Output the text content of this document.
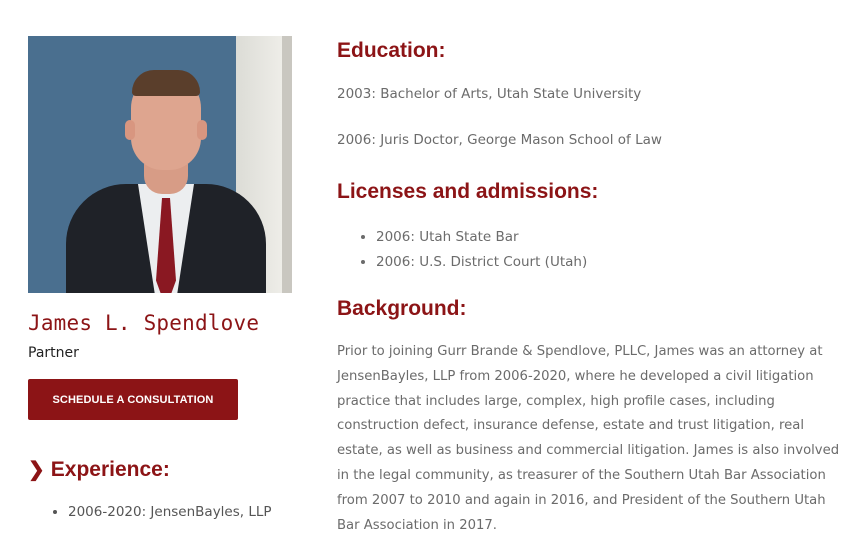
James L. Spendlove

Partner

SCHEDULE A CONSULTATION
❯ Experience:
• 2006-2020: JensenBayles, LLP
Education:

2003: Bachelor of Arts, Utah State University

2006: Juris Doctor, George Mason School of Law

Licenses and admissions:
• 2006: Utah State Bar
• 2006: U.S. District Court (Utah)
Background:

Prior to joining Gurr Brande & Spendlove, PLLC, James was an attorney at JensenBayles, LLP from 2006-2020, where he developed a civil litigation practice that includes large, complex, high profile cases, including construction defect, insurance defense, estate and trust litigation, real estate, as well as business and commercial litigation. James is also involved in the legal community, as treasurer of the Southern Utah Bar Association from 2007 to 2010 and again in 2016, and President of the Southern Utah Bar Association in 2017.
